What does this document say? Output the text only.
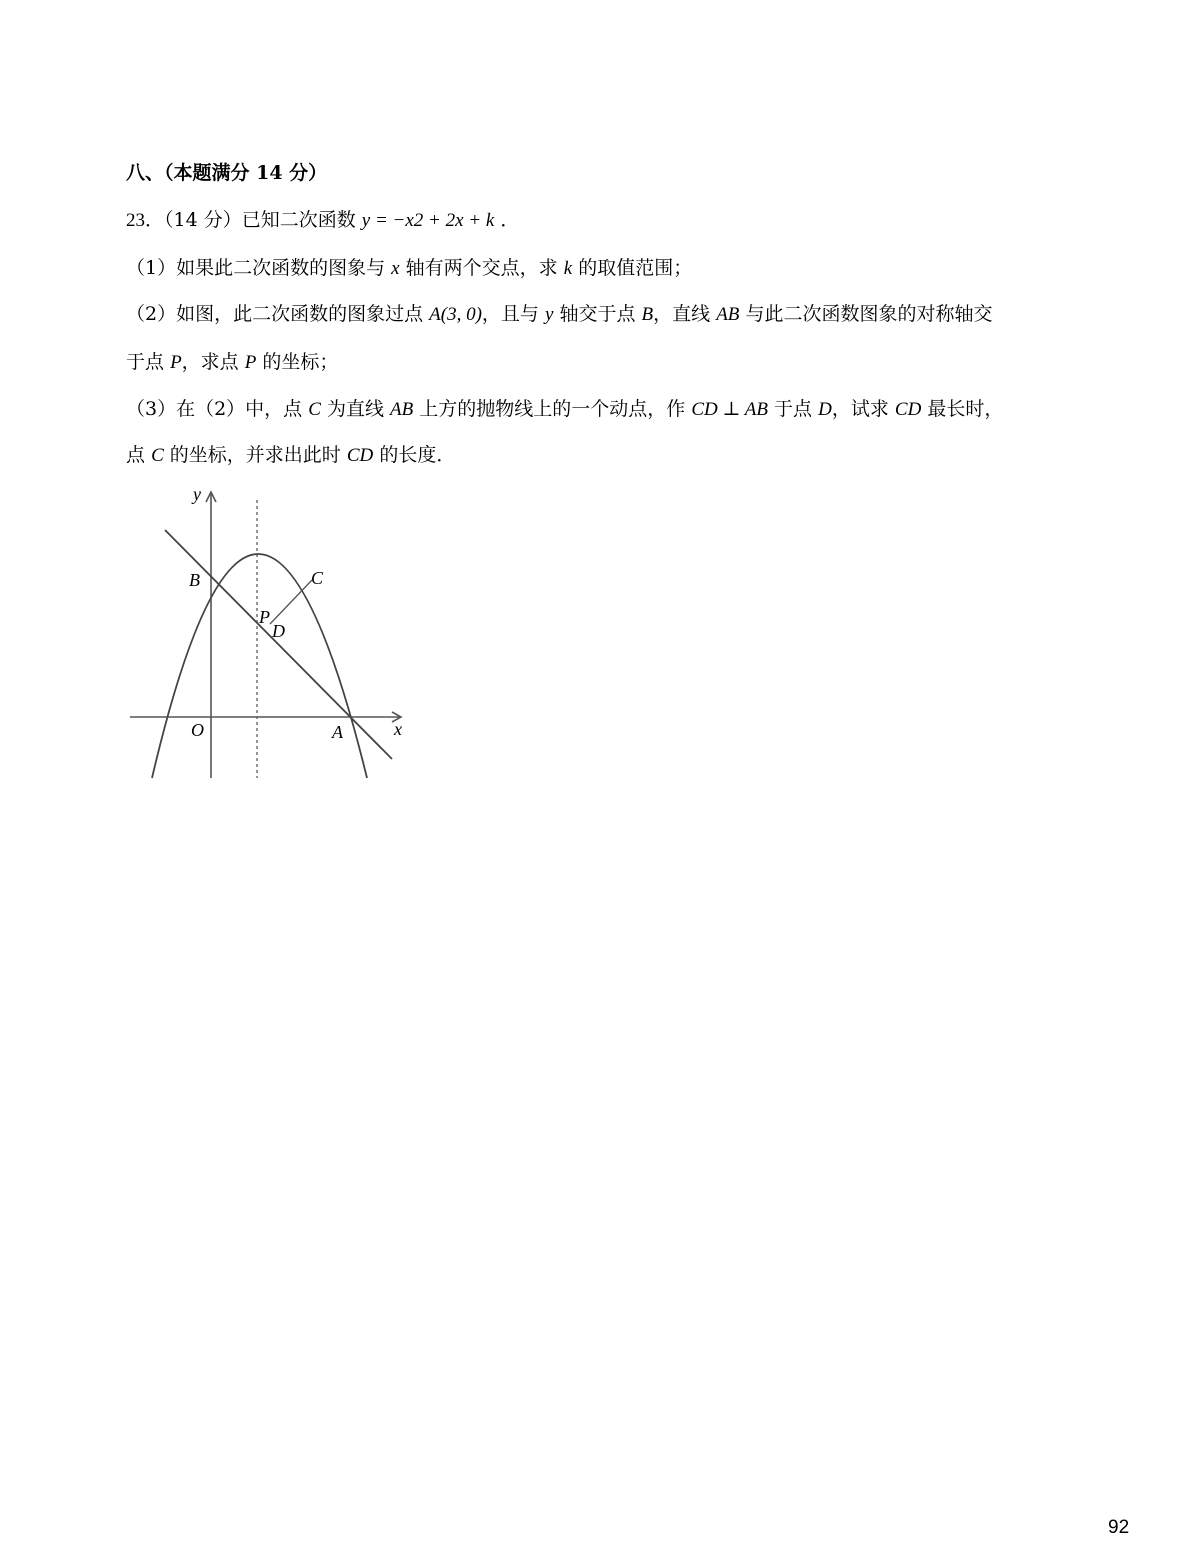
八、（本题满分 14 分）
23．（14 分）已知二次函数 y = −x2 + 2x + k ．
（1）如果此二次函数的图象与 x 轴有两个交点，求 k 的取值范围；
（2）如图，此二次函数的图象过点 A(3, 0)，且与 y 轴交于点 B，直线 AB 与此二次函数图象的对称轴交
于点 P，求点 P 的坐标；
（3）在（2）中，点 C 为直线 AB 上方的抛物线上的一个动点，作 CD ⊥ AB 于点 D，试求 CD 最长时，
点 C 的坐标，并求出此时 CD 的长度．
y
x
B	C
P
D
O	A
92
